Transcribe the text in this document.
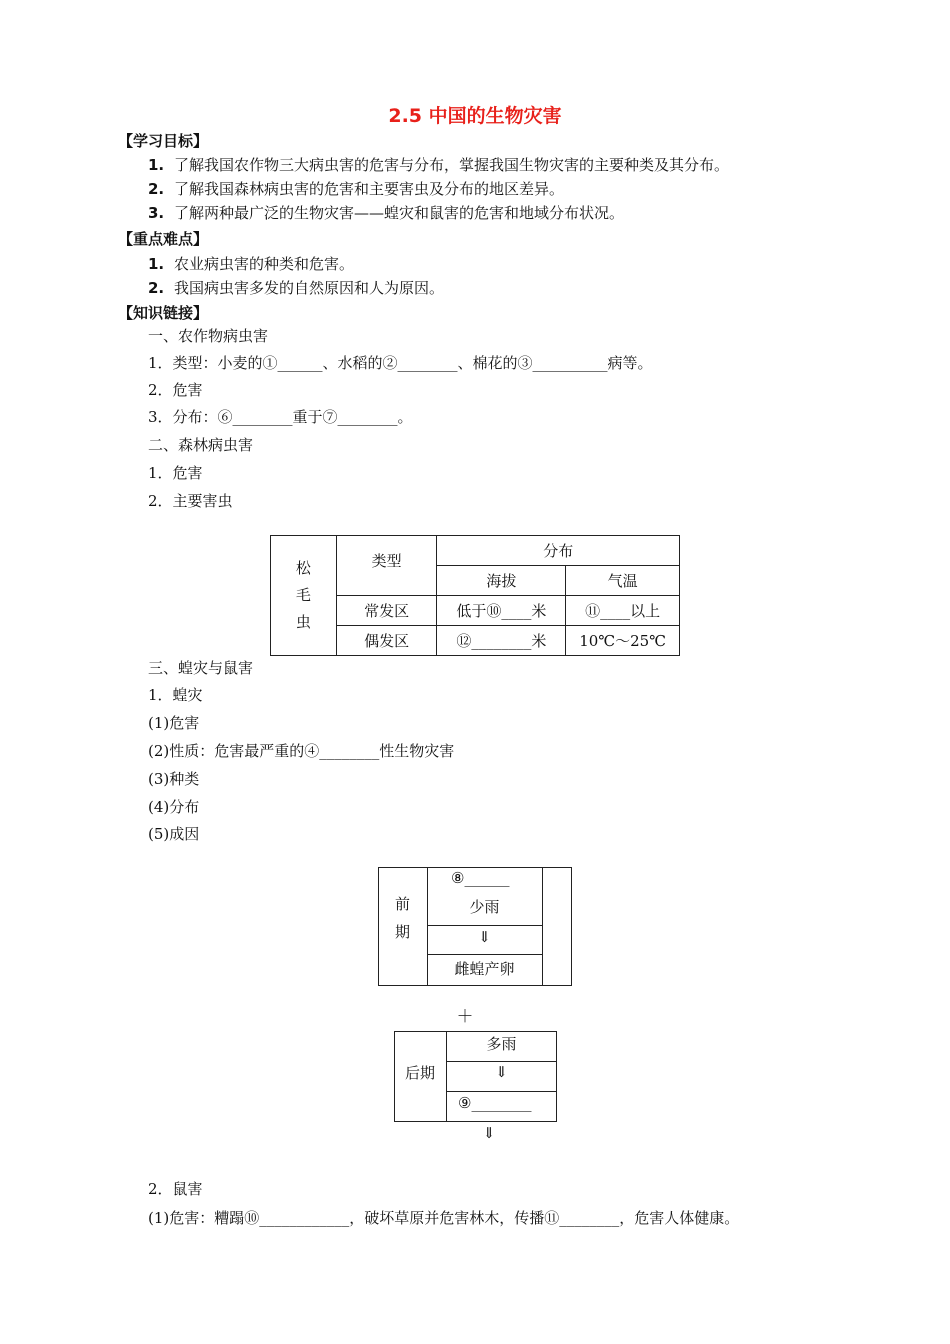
2.5 中国的生物灾害
【学习目标】
1. 了解我国农作物三大病虫害的危害与分布，掌握我国生物灾害的主要种类及其分布。
2. 了解我国森林病虫害的危害和主要害虫及分布的地区差异。
3. 了解两种最广泛的生物灾害——蝗灾和鼠害的危害和地域分布状况。
【重点难点】
1. 农业病虫害的种类和危害。
2. 我国病虫害多发的自然原因和人为原因。
【知识链接】
一、农作物病虫害
1．类型：小麦的①______、水稻的②________、棉花的③__________病等。
2．危害
3．分布：⑥________重于⑦________。
二、森林病虫害
1．危害
2．主要害虫
松
毛
虫	类型	分布	
		海拔	气温
	常发区	低于⑩____米	⑪____以上
	偶发区	⑫________米	10℃～25℃
三、蝗灾与鼠害
1．蝗灾
(1)危害
(2)性质：危害最严重的④________性生物灾害
(3)种类
(4)分布
(5)成因
前
期
⑧______
少雨
⇓
雌蝗产卵
＋
后期
多雨
⇓
⑨________
⇓
2．鼠害
(1)危害：糟蹋⑩____________，破坏草原并危害林木，传播⑪________，危害人体健康。
